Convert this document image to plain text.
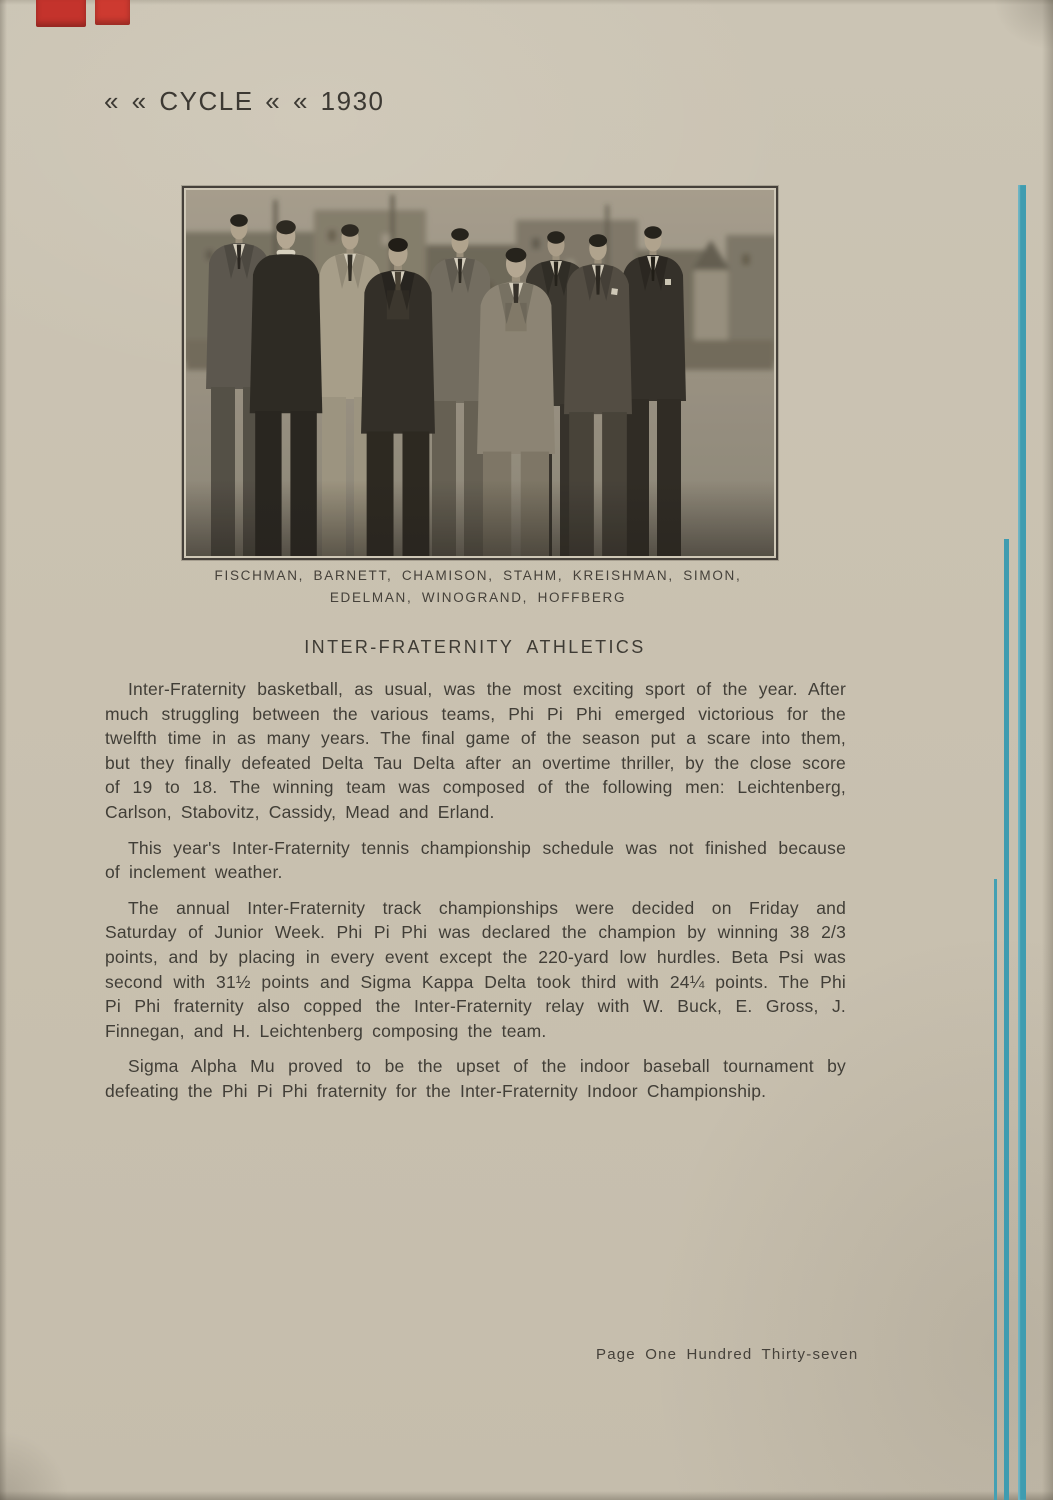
« « CYCLE « « 1930
FISCHMAN, BARNETT, CHAMISON, STAHM, KREISHMAN, SIMON,
EDELMAN, WINOGRAND, HOFFBERG
INTER-FRATERNITY ATHLETICS

Inter-Fraternity basketball, as usual, was the most exciting sport of the year. After much struggling between the various teams, Phi Pi Phi emerged victorious for the twelfth time in as many years. The final game of the season put a scare into them, but they finally defeated Delta Tau Delta after an overtime thriller, by the close score of 19 to 18. The winning team was composed of the following men: Leichtenberg, Carlson, Stabovitz, Cassidy, Mead and Erland.

This year's Inter-Fraternity tennis championship schedule was not finished because of inclement weather.

The annual Inter-Fraternity track championships were decided on Friday and Saturday of Junior Week. Phi Pi Phi was declared the champion by winning 38 2/3 points, and by placing in every event except the 220-yard low hurdles. Beta Psi was second with 31½ points and Sigma Kappa Delta took third with 24¼ points. The Phi Pi Phi fraternity also copped the Inter-Fraternity relay with W. Buck, E. Gross, J. Finnegan, and H. Leichtenberg composing the team.

Sigma Alpha Mu proved to be the upset of the indoor baseball tournament by defeating the Phi Pi Phi fraternity for the Inter-Fraternity Indoor Championship.

Page One Hundred Thirty-seven
